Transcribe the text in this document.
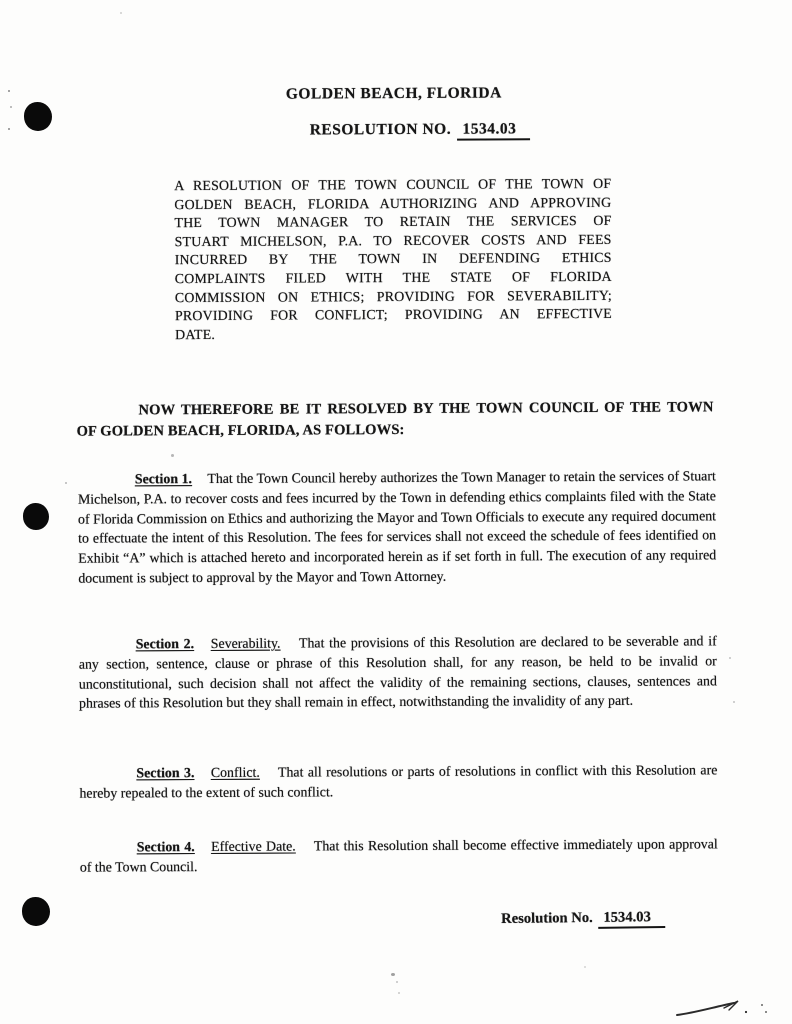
GOLDEN BEACH, FLORIDA
RESOLUTION NO. 1534.03
A RESOLUTION OF THE TOWN COUNCIL OF THE TOWN OF
GOLDEN BEACH, FLORIDA AUTHORIZING AND APPROVING
THE TOWN MANAGER TO RETAIN THE SERVICES OF
STUART MICHELSON, P.A. TO RECOVER COSTS AND FEES
INCURRED BY THE TOWN IN DEFENDING ETHICS
COMPLAINTS FILED WITH THE STATE OF FLORIDA
COMMISSION ON ETHICS; PROVIDING FOR SEVERABILITY;
PROVIDING FOR CONFLICT; PROVIDING AN EFFECTIVE
DATE.
NOW THEREFORE BE IT RESOLVED BY THE TOWN COUNCIL OF THE TOWN
OF GOLDEN BEACH, FLORIDA, AS FOLLOWS:

Section 1. That the Town Council hereby authorizes the Town Manager to retain the services of Stuart Michelson, P.A. to recover costs and fees incurred by the Town in defending ethics complaints filed with the State of Florida Commission on Ethics and authorizing the Mayor and Town Officials to execute any required document to effectuate the intent of this Resolution. The fees for services shall not exceed the schedule of fees identified on Exhibit “A” which is attached hereto and incorporated herein as if set forth in full. The execution of any required document is subject to approval by the Mayor and Town Attorney.

Section 2. Severability. That the provisions of this Resolution are declared to be severable and if any section, sentence, clause or phrase of this Resolution shall, for any reason, be held to be invalid or unconstitutional, such decision shall not affect the validity of the remaining sections, clauses, sentences and phrases of this Resolution but they shall remain in effect, notwithstanding the invalidity of any part.

Section 3. Conflict. That all resolutions or parts of resolutions in conflict with this Resolution are hereby repealed to the extent of such conflict.

Section 4. Effective Date. That this Resolution shall become effective immediately upon approval of the Town Council.

Resolution No. 1534.03
